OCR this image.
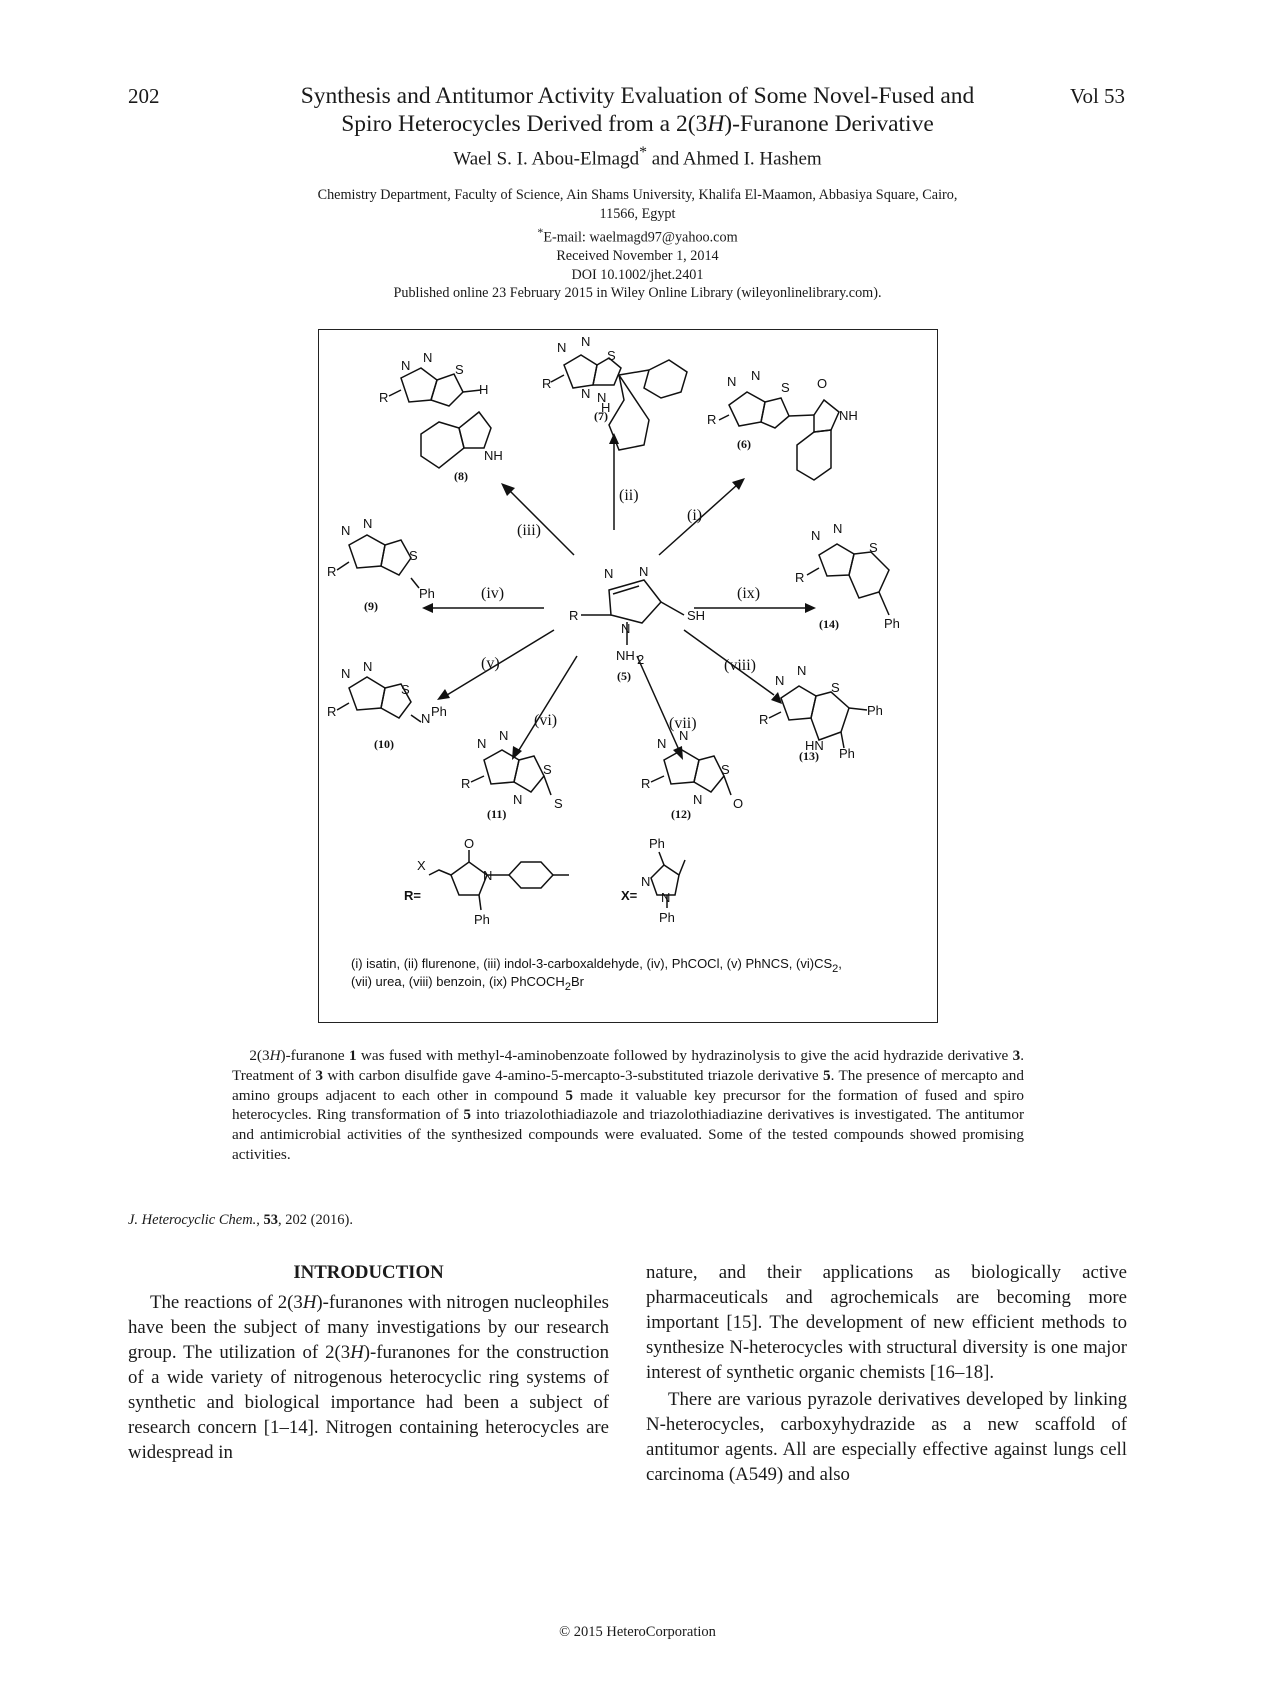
202	Vol 53
Synthesis and Antitumor Activity Evaluation of Some Novel-Fused and
Spiro Heterocycles Derived from a 2(3H)-Furanone Derivative
Wael S. I. Abou-Elmagd* and Ahmed I. Hashem
Chemistry Department, Faculty of Science, Ain Shams University, Khalifa El-Maamon, Abbasiya Square, Cairo,
11566, Egypt
*E-mail: waelmagd97@yahoo.com
Received November 1, 2014
DOI 10.1002/jhet.2401
Published online 23 February 2015 in Wiley Online Library (wileyonlinelibrary.com).
N N
R	SH
N
NH 2
(5)
(ii)
(i)
(iii)
(iv)	(ix)
(v)	(viii)
(vi)	(vii)
N N
S
R
N N
H
(7)
N N
S O
R	NH
(6)
N
N
S
H
R
NH
(8)
N N
S
R
Ph
(9)
N N
S
R
Ph
(14)
N N
S
R	N Ph
(10)
N
N
S
Ph
R
HN
Ph
(13)
N
N
S
R
S
N
(11)
N
N
S
R
O
N
(12)
R=
X
O
N
Ph
X=
Ph
N
N
Ph
(i) isatin, (ii) flurenone, (iii) indol-3-carboxaldehyde, (iv), PhCOCl, (v) PhNCS, $(vi)CS_2$,
(vii) urea, (viii) benzoin, (ix) PhCOCH$_2$Br
2(3H)-furanone 1 was fused with methyl-4-aminobenzoate followed by hydrazinolysis to give the acid hydrazide derivative 3. Treatment of 3 with carbon disulfide gave 4-amino-5-mercapto-3-substituted triazole derivative 5. The presence of mercapto and amino groups adjacent to each other in compound 5 made it valuable key precursor for the formation of fused and spiro heterocycles. Ring transformation of 5 into triazolothiadiazole and triazolothiadiazine derivatives is investigated. The antitumor and antimicrobial activities of the synthesized compounds were evaluated. Some of the tested compounds showed promising activities.
J. Heterocyclic Chem., 53, 202 (2016).
INTRODUCTION

The reactions of 2(3H)-furanones with nitrogen nucleophiles have been the subject of many investigations by our research group. The utilization of 2(3H)-furanones for the construction of a wide variety of nitrogenous heterocyclic ring systems of synthetic and biological importance had been a subject of research concern [1–14]. Nitrogen containing heterocycles are widespread in

nature, and their applications as biologically active pharmaceuticals and agrochemicals are becoming more important [15]. The development of new efficient methods to synthesize N-heterocycles with structural diversity is one major interest of synthetic organic chemists [16–18].

There are various pyrazole derivatives developed by linking N-heterocycles, carboxyhydrazide as a new scaffold of antitumor agents. All are especially effective against lungs cell carcinoma (A549) and also

© 2015 HeteroCorporation
